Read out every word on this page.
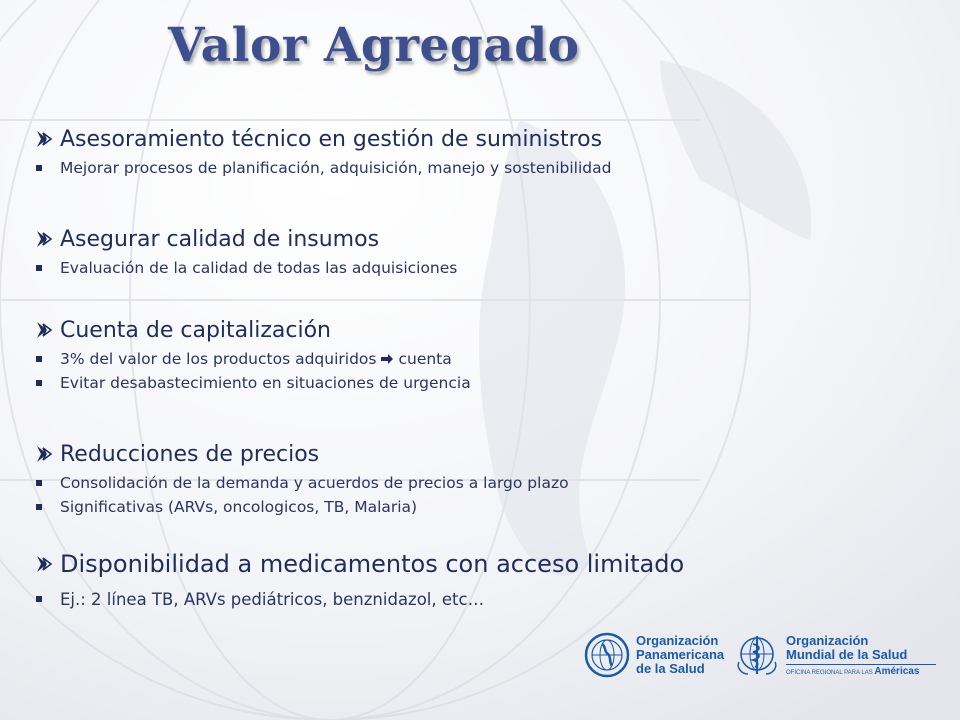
Valor Agregado
Asesoramiento técnico en gestión de suministros
Mejorar procesos de planificación, adquisición, manejo y sostenibilidad
Asegurar calidad de insumos
Evaluación de la calidad de todas las adquisiciones
Cuenta de capitalización
3% del valor de los productos adquiridos cuenta
Evitar desabastecimiento en situaciones de urgencia
Reducciones de precios
Consolidación de la demanda y acuerdos de precios a largo plazo
Significativas (ARVs, oncologicos, TB, Malaria)
Disponibilidad a medicamentos con acceso limitado
Ej.: 2 línea TB, ARVs pediátricos, benznidazol, etc…
Organización
Panamericana
de la Salud
Organización
Mundial de la Salud
OFICINA REGIONAL PARA LAS Américas
